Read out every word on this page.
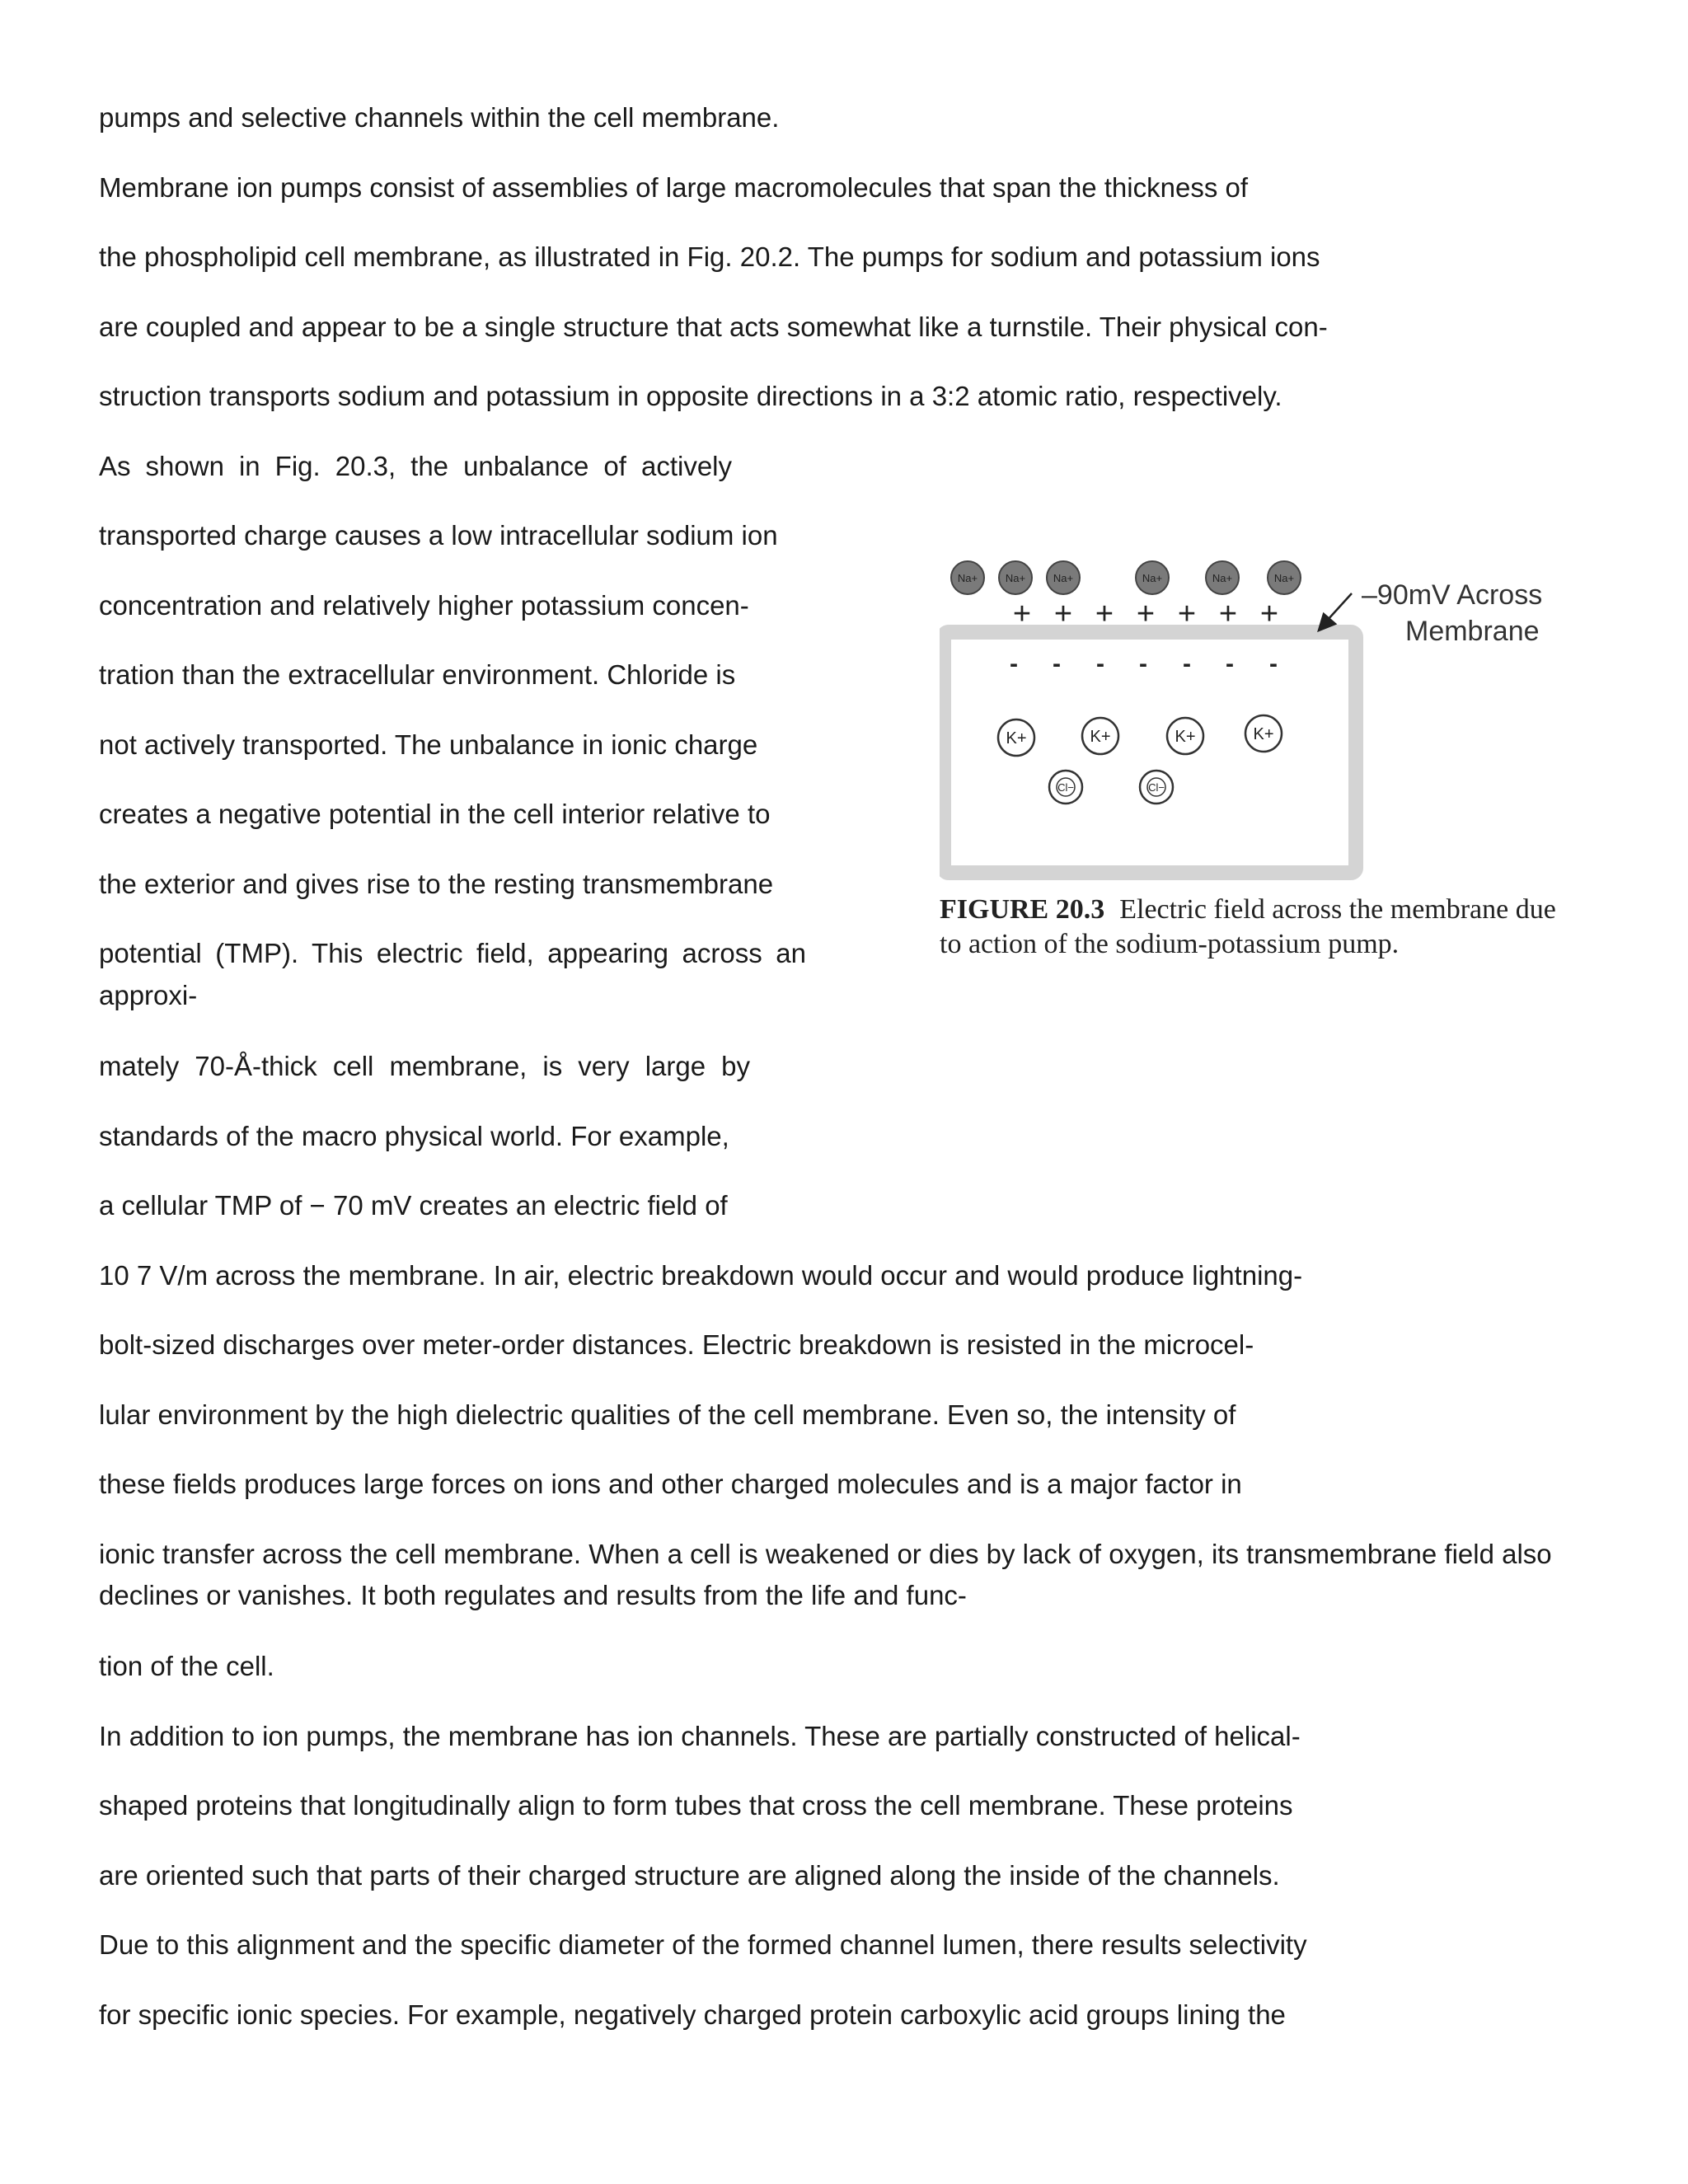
pumps and selective channels within the cell membrane.
Membrane ion pumps consist of assemblies of large macromolecules that span the thickness of
the phospholipid cell membrane, as illustrated in Fig. 20.2. The pumps for sodium and potassium ions
are coupled and appear to be a single structure that acts somewhat like a turnstile. Their physical con-
struction transports sodium and potassium in opposite directions in a 3:2 atomic ratio, respectively.
As shown in Fig. 20.3, the unbalance of actively
transported charge causes a low intracellular sodium ion
concentration and relatively higher potassium concen-
tration than the extracellular environment. Chloride is
not actively transported. The unbalance in ionic charge
creates a negative potential in the cell interior relative to
the exterior and gives rise to the resting transmembrane
potential (TMP). This electric field, appearing across an
approxi-
mately 70-Å-thick cell membrane, is very large by
standards of the macro physical world. For example,
a cellular TMP of − 70 mV creates an electric field of
10 7 V/m across the membrane. In air, electric breakdown would occur and would produce lightning-
bolt-sized discharges over meter-order distances. Electric breakdown is resisted in the microcel-
lular environment by the high dielectric qualities of the cell membrane. Even so, the intensity of
these fields produces large forces on ions and other charged molecules and is a major factor in
ionic transfer across the cell membrane. When a cell is weakened or dies by lack of oxygen, its transmembrane field also declines or vanishes. It both regulates and results from the life and func-
tion of the cell.
In addition to ion pumps, the membrane has ion channels. These are partially constructed of helical-
shaped proteins that longitudinally align to form tubes that cross the cell membrane. These proteins
are oriented such that parts of their charged structure are aligned along the inside of the channels.
Due to this alignment and the specific diameter of the formed channel lumen, there results selectivity
for specific ionic species. For example, negatively charged protein carboxylic acid groups lining the
Na+	Na+	Na+	Na+	Na+	Na+
+ + + + + + +
- - - - - - -
K+	K+	K+	K+
Cl−	Cl−
–90mV Across
Membrane
FIGURE 20.3 Electric field across the membrane due to action of the sodium-potassium pump.
